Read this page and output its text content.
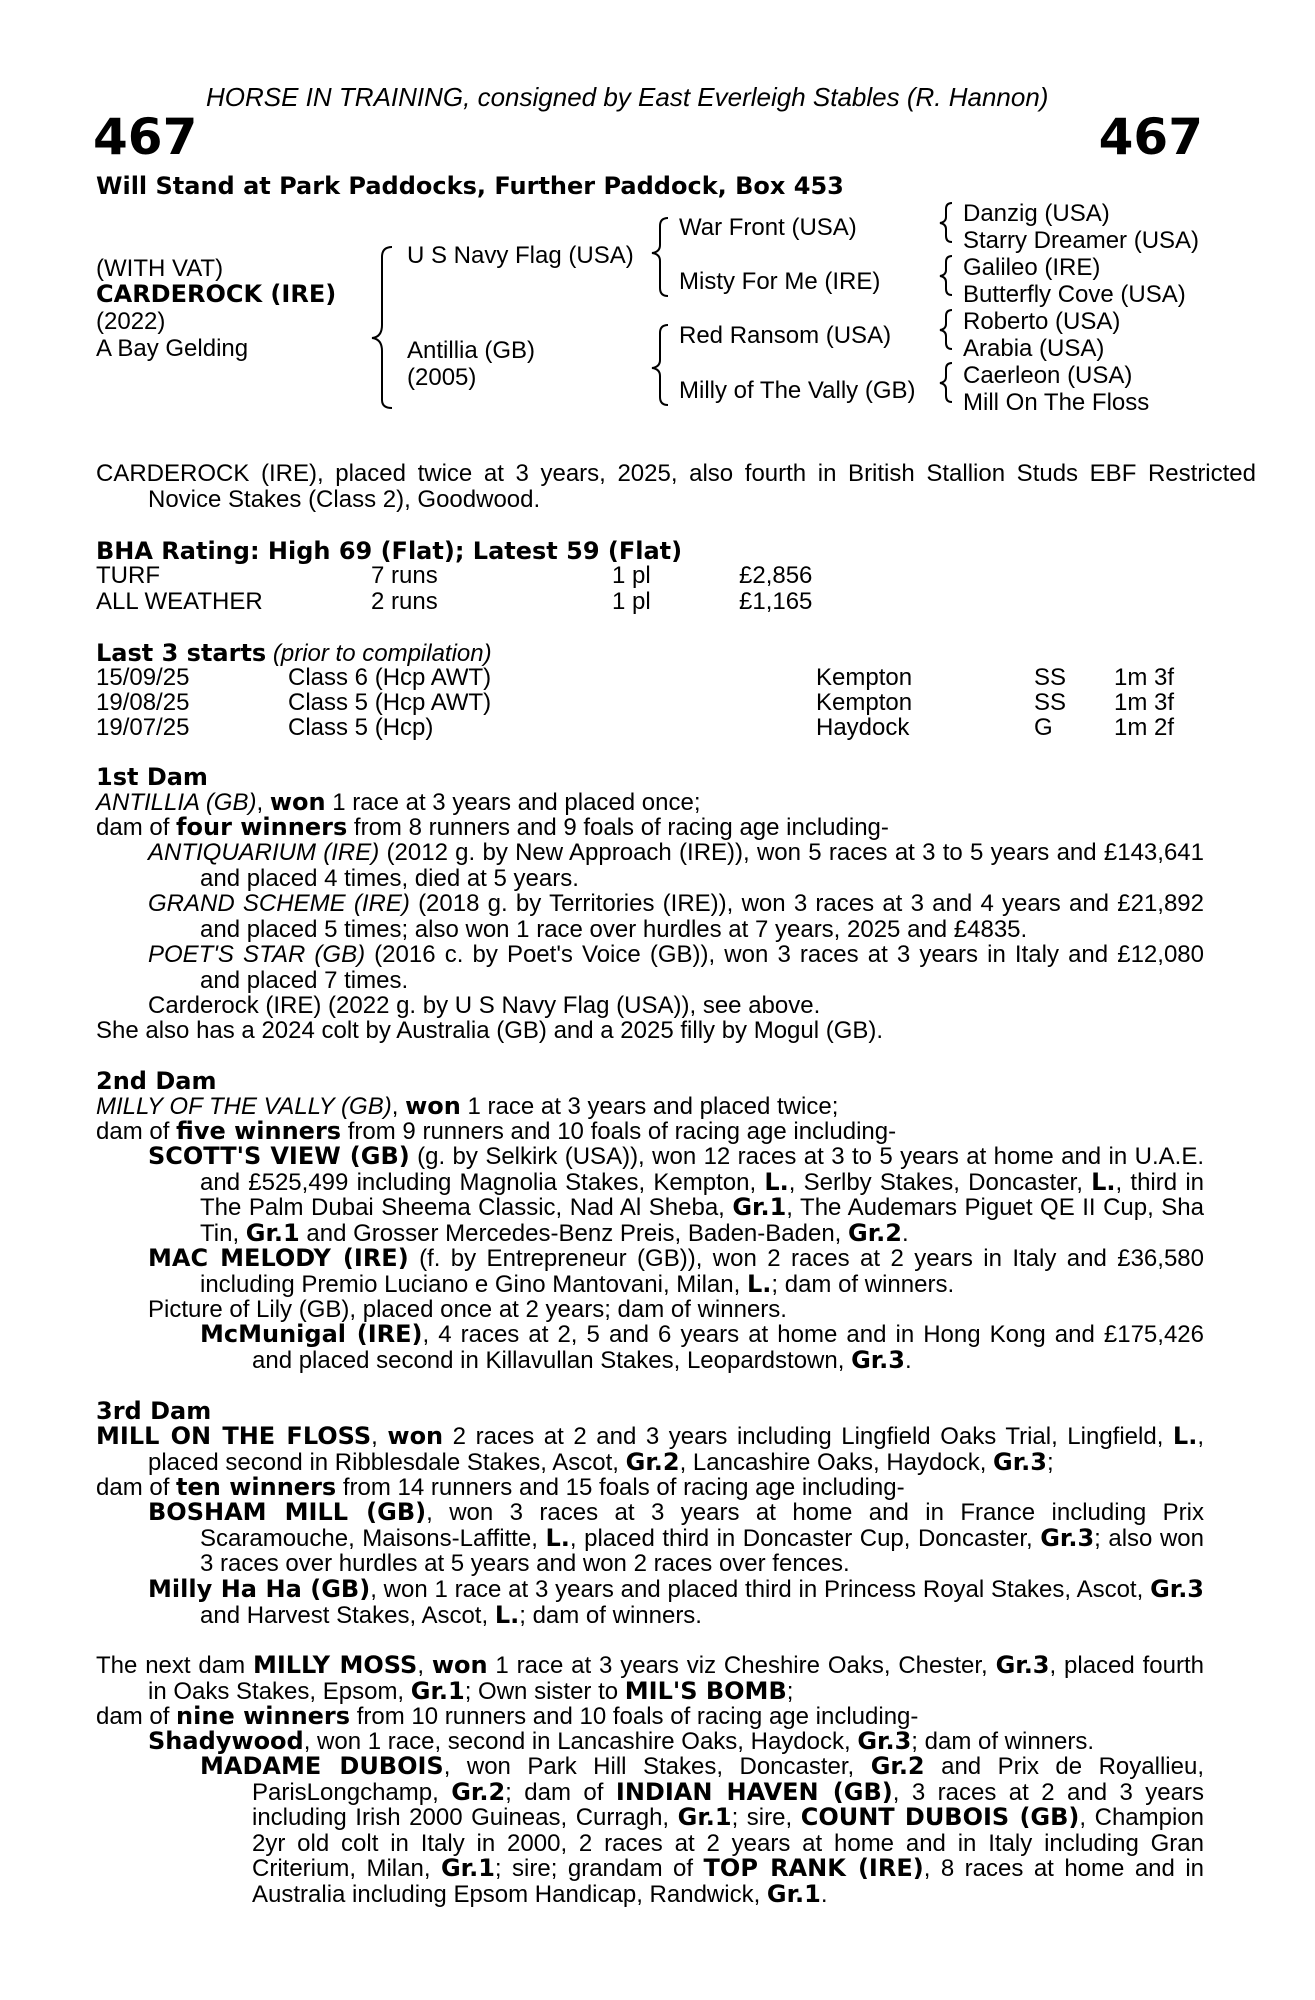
HORSE IN TRAINING, consigned by East Everleigh Stables (R. Hannon)
467	467
Will Stand at Park Paddocks, Further Paddock, Box 453
(WITH VAT)
CARDEROCK (IRE)
(2022)
A Bay Gelding
U S Navy Flag (USA)
Antillia (GB)
(2005)
War Front (USA)
Misty For Me (IRE)
Red Ransom (USA)
Milly of The Vally (GB)
Danzig (USA)
Starry Dreamer (USA)
Galileo (IRE)
Butterfly Cove (USA)
Roberto (USA)
Arabia (USA)
Caerleon (USA)
Mill On The Floss
CARDEROCK (IRE), placed twice at 3 years, 2025, also fourth in British Stallion Studs EBF Restricted Novice Stakes (Class 2), Goodwood.
BHA Rating: High 69 (Flat); Latest 59 (Flat)
TURF	7 runs	1 pl	£2,856
ALL WEATHER	2 runs	1 pl	£1,165
Last 3 starts (prior to compilation)
15/09/25	Class 6 (Hcp AWT)	Kempton	SS 1m 3f
19/08/25	Class 5 (Hcp AWT)	Kempton	SS 1m 3f
19/07/25	Class 5 (Hcp)	Haydock	G	1m 2f
1st Dam
ANTILLIA (GB), won 1 race at 3 years and placed once;
dam of four winners from 8 runners and 9 foals of racing age including-
ANTIQUARIUM (IRE) (2012 g. by New Approach (IRE)), won 5 races at 3 to 5 years and £143,641 and placed 4 times, died at 5 years.
GRAND SCHEME (IRE) (2018 g. by Territories (IRE)), won 3 races at 3 and 4 years and £21,892 and placed 5 times; also won 1 race over hurdles at 7 years, 2025 and £4835.
POET'S STAR (GB) (2016 c. by Poet's Voice (GB)), won 3 races at 3 years in Italy and £12,080 and placed 7 times.
Carderock (IRE) (2022 g. by U S Navy Flag (USA)), see above.
She also has a 2024 colt by Australia (GB) and a 2025 filly by Mogul (GB).
2nd Dam
MILLY OF THE VALLY (GB), won 1 race at 3 years and placed twice;
dam of five winners from 9 runners and 10 foals of racing age including-
SCOTT'S VIEW (GB) (g. by Selkirk (USA)), won 12 races at 3 to 5 years at home and in U.A.E. and £525,499 including Magnolia Stakes, Kempton, L., Serlby Stakes, Doncaster, L., third in The Palm Dubai Sheema Classic, Nad Al Sheba, Gr.1, The Audemars Piguet QE II Cup, Sha Tin, Gr.1 and Grosser Mercedes-Benz Preis, Baden-Baden, Gr.2.
MAC MELODY (IRE) (f. by Entrepreneur (GB)), won 2 races at 2 years in Italy and £36,580 including Premio Luciano e Gino Mantovani, Milan, L.; dam of winners.
Picture of Lily (GB), placed once at 2 years; dam of winners.
McMunigal (IRE), 4 races at 2, 5 and 6 years at home and in Hong Kong and £175,426 and placed second in Killavullan Stakes, Leopardstown, Gr.3.
3rd Dam
MILL ON THE FLOSS, won 2 races at 2 and 3 years including Lingfield Oaks Trial, Lingfield, L., placed second in Ribblesdale Stakes, Ascot, Gr.2, Lancashire Oaks, Haydock, Gr.3;
dam of ten winners from 14 runners and 15 foals of racing age including-
BOSHAM MILL (GB), won 3 races at 3 years at home and in France including Prix Scaramouche, Maisons-Laffitte, L., placed third in Doncaster Cup, Doncaster, Gr.3; also won 3 races over hurdles at 5 years and won 2 races over fences.
Milly Ha Ha (GB), won 1 race at 3 years and placed third in Princess Royal Stakes, Ascot, Gr.3 and Harvest Stakes, Ascot, L.; dam of winners.
The next dam MILLY MOSS, won 1 race at 3 years viz Cheshire Oaks, Chester, Gr.3, placed fourth in Oaks Stakes, Epsom, Gr.1; Own sister to MIL'S BOMB;
dam of nine winners from 10 runners and 10 foals of racing age including-
Shadywood, won 1 race, second in Lancashire Oaks, Haydock, Gr.3; dam of winners.
MADAME DUBOIS, won Park Hill Stakes, Doncaster, Gr.2 and Prix de Royallieu, ParisLongchamp, Gr.2; dam of INDIAN HAVEN (GB), 3 races at 2 and 3 years including Irish 2000 Guineas, Curragh, Gr.1; sire, COUNT DUBOIS (GB), Champion 2yr old colt in Italy in 2000, 2 races at 2 years at home and in Italy including Gran Criterium, Milan, Gr.1; sire; grandam of TOP RANK (IRE), 8 races at home and in Australia including Epsom Handicap, Randwick, Gr.1.
